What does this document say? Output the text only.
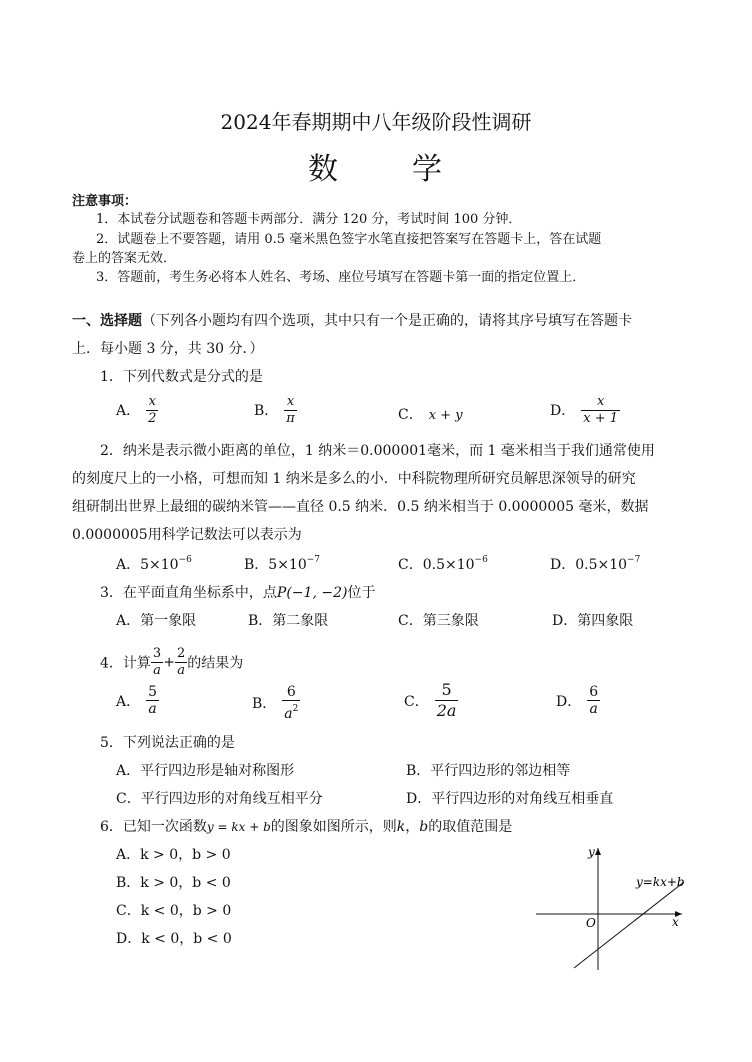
2024年春期期中八年级阶段性调研
数 学
注意事项：
1．本试卷分试题卷和答题卡两部分．满分 120 分，考试时间 100 分钟．
2．试题卷上不要答题，请用 0.5 毫米黑色签字水笔直接把答案写在答题卡上，答在试题
卷上的答案无效．
3．答题前，考生务必将本人姓名、考场、座位号填写在答题卡第一面的指定位置上．
一、选择题（下列各小题均有四个选项，其中只有一个是正确的，请将其序号填写在答题卡
上．每小题 3 分，共 30 分．）
1．下列代数式是分式的是
A． $\frac{x}{2}$	B． $\frac{x}{\pi}$	C． x + y	D． $\frac{x}{x + 1}$
2．纳米是表示微小距离的单位，1 纳米＝0.000001毫米，而 1 毫米相当于我们通常使用
的刻度尺上的一小格，可想而知 1 纳米是多么的小．中科院物理所研究员解思深领导的研究
组研制出世界上最细的碳纳米管——直径 0.5 纳米．0.5 纳米相当于 0.0000005 毫米，数据
0.0000005用科学记数法可以表示为
A．$5\times 10^{-6}$	B．$5\times 10^{-7}$	C．$0.5\times 10^{-6}$	D．$0.5\times 10^{-7}$
3．在平面直角坐标系中，点P(−1, −2)位于
A．第一象限	B．第二象限	C．第三象限	D．第四象限
4．计算 $\frac{3}{a} + \frac{2}{a}$ 的结果为
A． $\frac{5}{a}$	B． $\frac{6}{a^2}$	C． $\frac{5}{2a}$	D． $\frac{6}{a}$
5．下列说法正确的是
A．平行四边形是轴对称图形	B．平行四边形的邻边相等
C．平行四边形的对角线互相平分	D．平行四边形的对角线互相垂直
6．已知一次函数y = kx + b的图象如图所示，则k，b的取值范围是
A．k > 0，b > 0
B．k > 0，b < 0
C．k < 0，b > 0
D．k < 0，b < 0
x
y
O
y=kx+b
